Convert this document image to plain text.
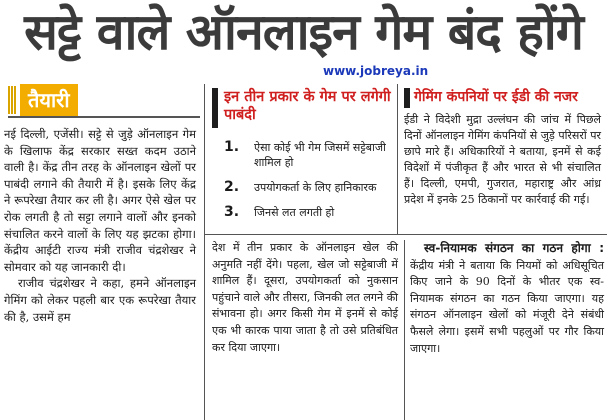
सट्टे वाले ऑनलाइन गेम बंद होंगे
www.jobreya.in
तैयारी

नई दिल्ली, एजेंसी। सट्टे से जुड़े ऑनलाइन गेम के खिलाफ केंद्र सरकार सख्त कदम उठाने वाली है। केंद्र तीन तरह के ऑनलाइन खेलों पर पाबंदी लगाने की तैयारी में है। इसके लिए केंद्र ने रूपरेखा तैयार कर ली है। अगर ऐसे खेल पर रोक लगती है तो सट्टा लगाने वालों और इनको संचालित करने वालों के लिए यह झटका होगा। केंद्रीय आईटी राज्य मंत्री राजीव चंद्रशेखर ने सोमवार को यह जानकारी दी।

राजीव चंद्रशेखर ने कहा, हमने ऑनलाइन गेमिंग को लेकर पहली बार एक रूपरेखा तैयार की है, उसमें हम

इन तीन प्रकार के गेम पर लगेगी पाबंदी
1. ऐसा कोई भी गेम जिसमें सट्टेबाजी शामिल हो
2. उपयोगकर्ता के लिए हानिकारक
3. जिनसे लत लगती हो
गेमिंग कंपनियों पर ईडी की नजर
ईडी ने विदेशी मुद्रा उल्लंघन की जांच में पिछले दिनों ऑनलाइन गेमिंग कंपनियों से जुड़े परिसरों पर छापे मारे हैं। अधिकारियों ने बताया, इनमें से कई विदेशों में पंजीकृत हैं और भारत से भी संचालित हैं। दिल्ली, एमपी, गुजरात, महाराष्ट्र और आंध्र प्रदेश में इनके 25 ठिकानों पर कार्रवाई की गई।
देश में तीन प्रकार के ऑनलाइन खेल की अनुमति नहीं देंगे। पहला, खेल जो सट्टेबाजी में शामिल हैं। दूसरा, उपयोगकर्ता को नुकसान पहुंचाने वाले और तीसरा, जिनकी लत लगने की संभावना हो। अगर किसी गेम में इनमें से कोई एक भी कारक पाया जाता है तो उसे प्रतिबंधित कर दिया जाएगा।
स्व-नियामक संगठन का गठन होगा : केंद्रीय मंत्री ने बताया कि नियमों को अधिसूचित किए जाने के 90 दिनों के भीतर एक स्व-नियामक संगठन का गठन किया जाएगा। यह संगठन ऑनलाइन खेलों को मंजूरी देने संबंधी फैसले लेगा। इसमें सभी पहलुओं पर गौर किया जाएगा।
